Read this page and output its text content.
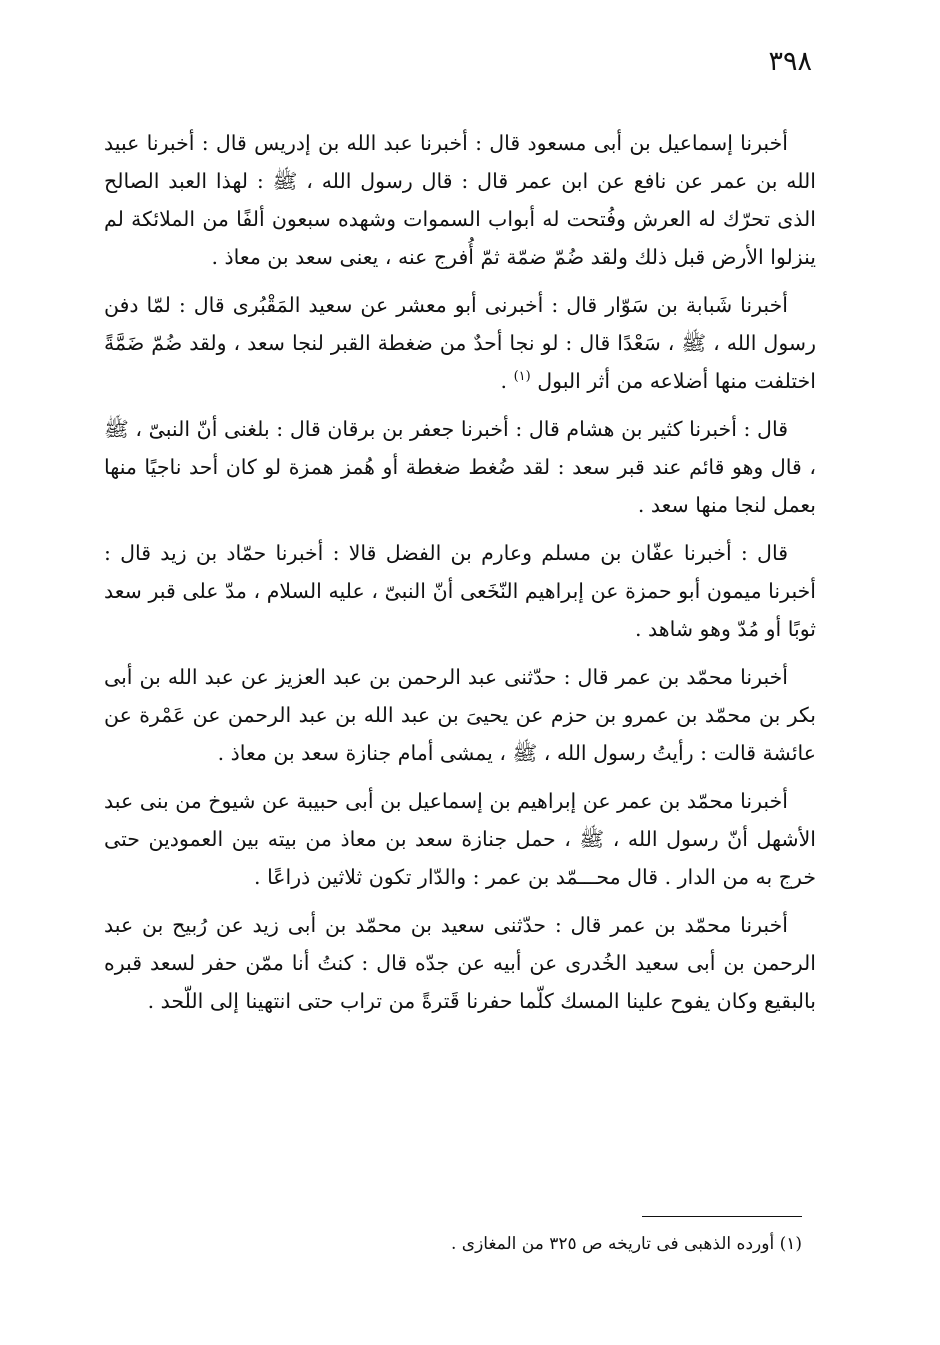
٣٩٨

أخبرنا إسماعيل بن أبى مسعود قال : أخبرنا عبد الله بن إدريس قال : أخبرنا عبيد الله بن عمر عن نافع عن ابن عمر قال : قال رسول الله ، ﷺ : لهذا العبد الصالح الذى تحرّك له العرش وفُتحت له أبواب السموات وشهده سبعون ألفًا من الملائكة لم ينزلوا الأرض قبل ذلك ولقد ضُمّ ضمّة ثمّ أُفرج عنه ، يعنى سعد بن معاذ .

أخبرنا شَبابة بن سَوّار قال : أخبرنى أبو معشر عن سعيد المَقْبُرى قال : لمّا دفن رسول الله ، ﷺ ، سَعْدًا قال : لو نجا أحدٌ من ضغطة القبر لنجا سعد ، ولقد ضُمّ ضَمَّةً اختلفت منها أضلاعه من أثر البول $^{(١)}$ .

قال : أخبرنا كثير بن هشام قال : أخبرنا جعفر بن برقان قال : بلغنى أنّ النبىّ ، ﷺ ، قال وهو قائم عند قبر سعد : لقد ضُغط ضغطة أو هُمز همزة لو كان أحد ناجيًا منها بعمل لنجا منها سعد .

قال : أخبرنا عفّان بن مسلم وعارم بن الفضل قالا : أخبرنا حمّاد بن زيد قال : أخبرنا ميمون أبو حمزة عن إبراهيم النّخَعى أنّ النبىّ ، عليه السلام ، مدّ على قبر سعد ثوبًا أو مُدّ وهو شاهد .

أخبرنا محمّد بن عمر قال : حدّثنى عبد الرحمن بن عبد العزيز عن عبد الله بن أبى بكر بن محمّد بن عمرو بن حزم عن يحيىَ بن عبد الله بن عبد الرحمن عن عَمْرة عن عائشة قالت : رأيتُ رسول الله ، ﷺ ، يمشى أمام جنازة سعد بن معاذ .

أخبرنا محمّد بن عمر عن إبراهيم بن إسماعيل بن أبى حبيبة عن شيوخ من بنى عبد الأشهل أنّ رسول الله ، ﷺ ، حمل جنازة سعد بن معاذ من بيته بين العمودين حتى خرج به من الدار . قال محـــمّد بن عمر : والدّار تكون ثلاثين ذراعًا .

أخبرنا محمّد بن عمر قال : حدّثنى سعيد بن محمّد بن أبى زيد عن رُبيح بن عبد الرحمن بن أبى سعيد الخُدرى عن أبيه عن جدّه قال : كنتُ أنا ممّن حفر لسعد قبره بالبقيع وكان يفوح علينا المسك كلّما حفرنا قَترةً من تراب حتى انتهينا إلى اللّحد .

(١) أورده الذهبى فى تاريخه ص ٣٢٥ من المغازى .
